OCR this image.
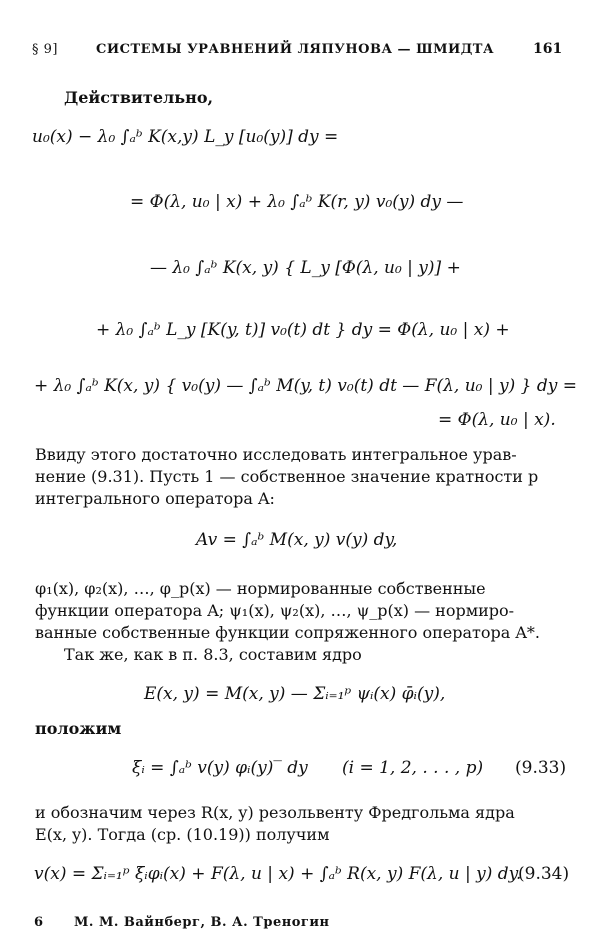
§ 9]	СИСТЕМЫ УРАВНЕНИЙ ЛЯПУНОВА — ШМИДТА	161
Действительно,
u₀(x) − λ₀ ∫ₐᵇ K(x,y) L_y [u₀(y)] dy =
= Φ(λ, u₀ | x) + λ₀ ∫ₐᵇ K(r, y) v₀(y) dy —
— λ₀ ∫ₐᵇ K(x, y) { L_y [Φ(λ, u₀ | y)] +
+ λ₀ ∫ₐᵇ L_y [K(y, t)] v₀(t) dt } dy = Φ(λ, u₀ | x) +
+ λ₀ ∫ₐᵇ K(x, y) { v₀(y) — ∫ₐᵇ M(y, t) v₀(t) dt — F(λ, u₀ | y) } dy =
= Φ(λ, u₀ | x).
Ввиду этого достаточно исследовать интегральное урав-
нение (9.31). Пусть 1 — собственное значение кратности p
интегрального оператора A:
Av = ∫ₐᵇ M(x, y) v(y) dy,
φ₁(x), φ₂(x), …, φ_p(x) — нормированные собственные
функции оператора A; ψ₁(x), ψ₂(x), …, ψ_p(x) — нормиро-
ванные собственные функции сопряженного оператора A*.
Так же, как в п. 8.3, составим ядро
E(x, y) = M(x, y) — Σᵢ₌₁ᵖ ψᵢ(x) φ̄ᵢ(y),
положим
ξᵢ = ∫ₐᵇ v(y) φᵢ(y)‾ dy (i = 1, 2, . . . , p) (9.33)
и обозначим через R(x, y) резольвенту Фредгольма ядра
E(x, y). Тогда (ср. (10.19)) получим
v(x) = Σᵢ₌₁ᵖ ξᵢφᵢ(x) + F(λ, u | x) + ∫ₐᵇ R(x, y) F(λ, u | y) dy.
(9.34)
6 М. М. Вайнберг, В. А. Треногин
